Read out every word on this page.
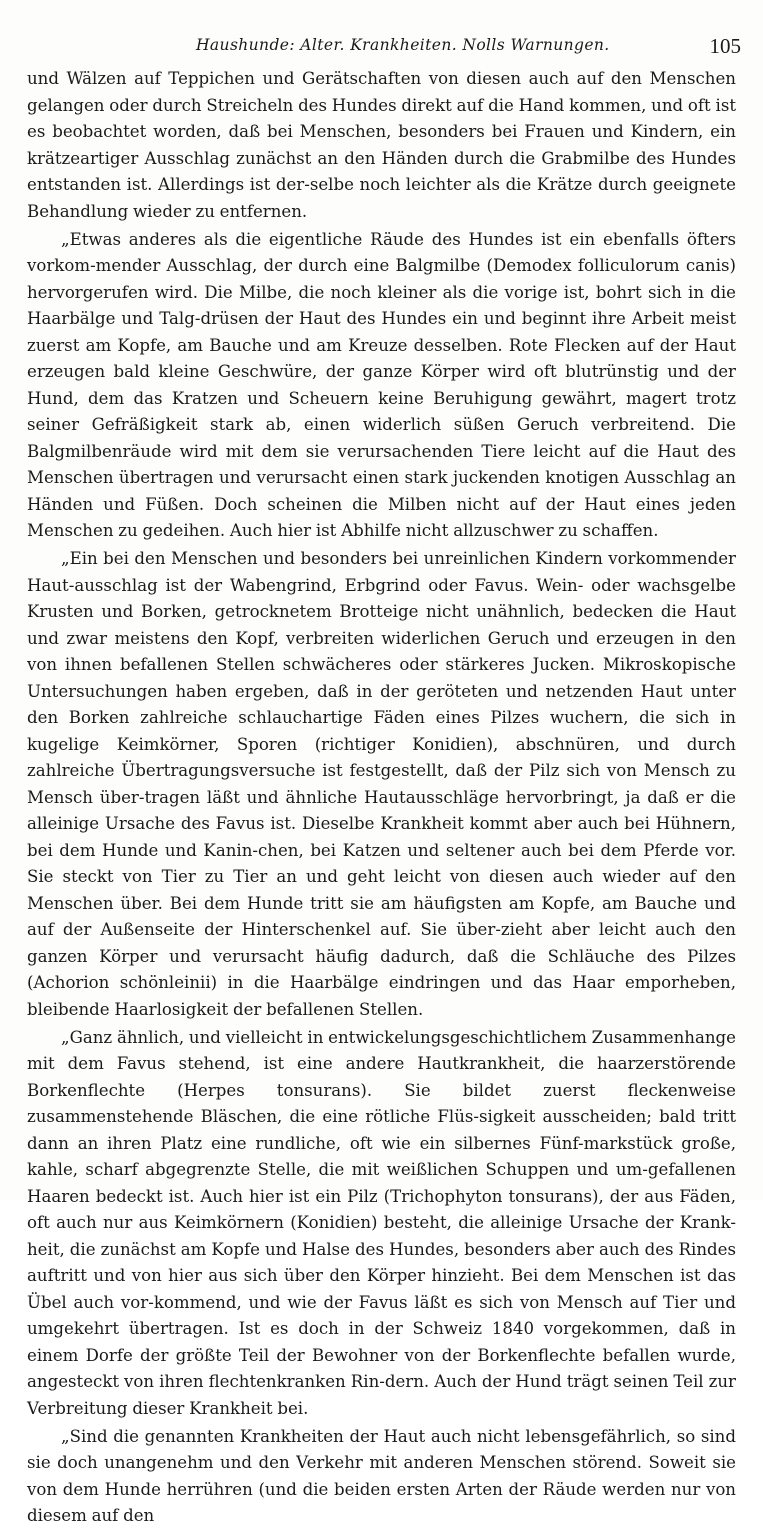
Haushunde: Alter. Krankheiten. Nolls Warnungen.	105

und Wälzen auf Teppichen und Gerätschaften von diesen auch auf den Menschen gelangen oder durch Streicheln des Hundes direkt auf die Hand kommen, und oft ist es beobachtet worden, daß bei Menschen, besonders bei Frauen und Kindern, ein krätzeartiger Ausschlag zunächst an den Händen durch die Grabmilbe des Hundes entstanden ist. Allerdings ist der-selbe noch leichter als die Krätze durch geeignete Behandlung wieder zu entfernen.

„Etwas anderes als die eigentliche Räude des Hundes ist ein ebenfalls öfters vorkom-mender Ausschlag, der durch eine Balgmilbe (Demodex folliculorum canis) hervorgerufen wird. Die Milbe, die noch kleiner als die vorige ist, bohrt sich in die Haarbälge und Talg-drüsen der Haut des Hundes ein und beginnt ihre Arbeit meist zuerst am Kopfe, am Bauche und am Kreuze desselben. Rote Flecken auf der Haut erzeugen bald kleine Geschwüre, der ganze Körper wird oft blutrünstig und der Hund, dem das Kratzen und Scheuern keine Beruhigung gewährt, magert trotz seiner Gefräßigkeit stark ab, einen widerlich süßen Geruch verbreitend. Die Balgmilbenräude wird mit dem sie verursachenden Tiere leicht auf die Haut des Menschen übertragen und verursacht einen stark juckenden knotigen Ausschlag an Händen und Füßen. Doch scheinen die Milben nicht auf der Haut eines jeden Menschen zu gedeihen. Auch hier ist Abhilfe nicht allzuschwer zu schaffen.

„Ein bei den Menschen und besonders bei unreinlichen Kindern vorkommender Haut-ausschlag ist der Wabengrind, Erbgrind oder Favus. Wein- oder wachsgelbe Krusten und Borken, getrocknetem Brotteige nicht unähnlich, bedecken die Haut und zwar meistens den Kopf, verbreiten widerlichen Geruch und erzeugen in den von ihnen befallenen Stellen schwächeres oder stärkeres Jucken. Mikroskopische Untersuchungen haben ergeben, daß in der geröteten und netzenden Haut unter den Borken zahlreiche schlauchartige Fäden eines Pilzes wuchern, die sich in kugelige Keimkörner, Sporen (richtiger Konidien), abschnüren, und durch zahlreiche Übertragungsversuche ist festgestellt, daß der Pilz sich von Mensch zu Mensch über-tragen läßt und ähnliche Hautausschläge hervorbringt, ja daß er die alleinige Ursache des Favus ist. Dieselbe Krankheit kommt aber auch bei Hühnern, bei dem Hunde und Kanin-chen, bei Katzen und seltener auch bei dem Pferde vor. Sie steckt von Tier zu Tier an und geht leicht von diesen auch wieder auf den Menschen über. Bei dem Hunde tritt sie am häufigsten am Kopfe, am Bauche und auf der Außenseite der Hinterschenkel auf. Sie über-zieht aber leicht auch den ganzen Körper und verursacht häufig dadurch, daß die Schläuche des Pilzes (Achorion schönleinii) in die Haarbälge eindringen und das Haar emporheben, bleibende Haarlosigkeit der befallenen Stellen.

„Ganz ähnlich, und vielleicht in entwickelungsgeschichtlichem Zusammenhange mit dem Favus stehend, ist eine andere Hautkrankheit, die haarzerstörende Borkenflechte (Herpes tonsurans). Sie bildet zuerst fleckenweise zusammenstehende Bläschen, die eine rötliche Flüs-sigkeit ausscheiden; bald tritt dann an ihren Platz eine rundliche, oft wie ein silbernes Fünf-markstück große, kahle, scharf abgegrenzte Stelle, die mit weißlichen Schuppen und um-gefallenen Haaren bedeckt ist. Auch hier ist ein Pilz (Trichophyton tonsurans), der aus Fäden, oft auch nur aus Keimkörnern (Konidien) besteht, die alleinige Ursache der Krank-heit, die zunächst am Kopfe und Halse des Hundes, besonders aber auch des Rindes auftritt und von hier aus sich über den Körper hinzieht. Bei dem Menschen ist das Übel auch vor-kommend, und wie der Favus läßt es sich von Mensch auf Tier und umgekehrt übertragen. Ist es doch in der Schweiz 1840 vorgekommen, daß in einem Dorfe der größte Teil der Bewohner von der Borkenflechte befallen wurde, angesteckt von ihren flechtenkranken Rin-dern. Auch der Hund trägt seinen Teil zur Verbreitung dieser Krankheit bei.

„Sind die genannten Krankheiten der Haut auch nicht lebensgefährlich, so sind sie doch unangenehm und den Verkehr mit anderen Menschen störend. Soweit sie von dem Hunde herrühren (und die beiden ersten Arten der Räude werden nur von diesem auf den
